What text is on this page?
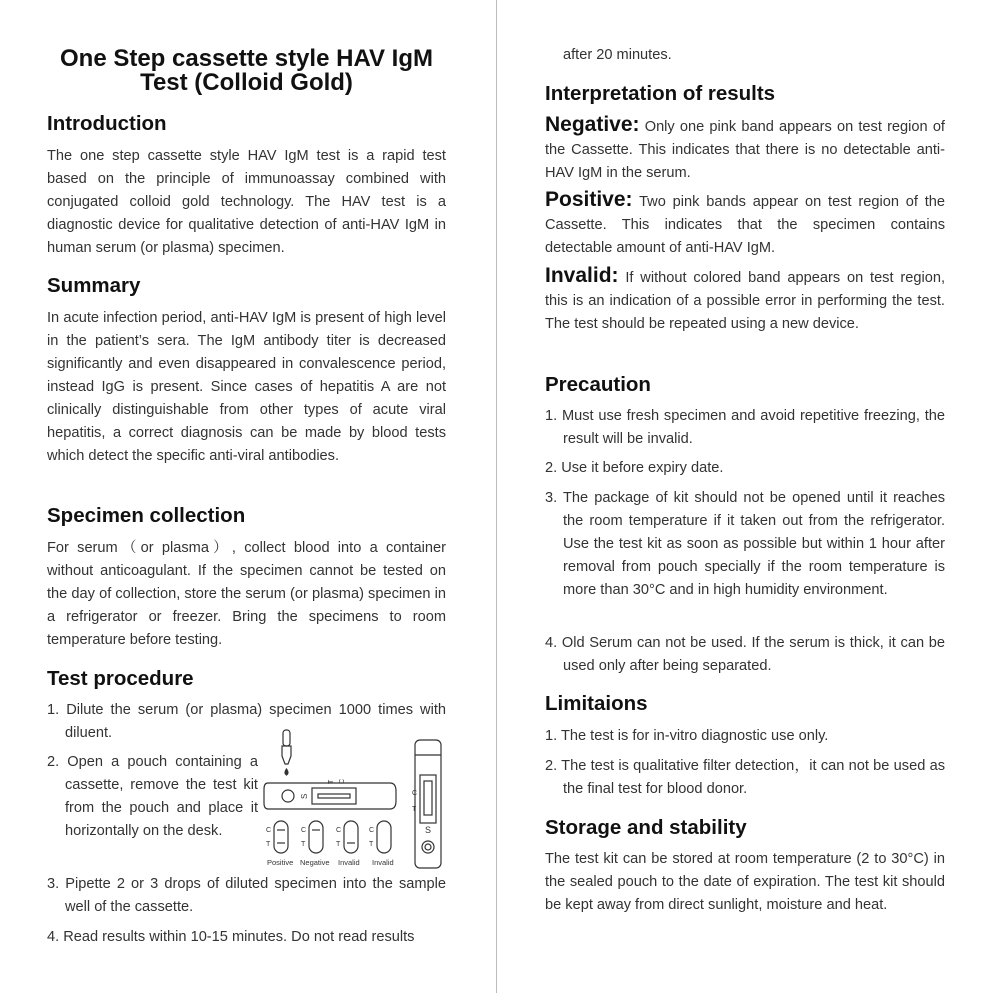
One Step cassette style HAV IgM
Test (Colloid Gold)
Introduction
The one step cassette style HAV IgM test is a rapid test based on the principle of immunoassay combined with conjugated colloid gold technology. The HAV test is a diagnostic device for qualitative detection of anti-HAV IgM in human serum (or plasma) specimen.
Summary
In acute infection period, anti-HAV IgM is present of high level in the patient’s sera. The IgM antibody titer is decreased significantly and even disappeared in convalescence period, instead IgG is present. Since cases of hepatitis A are not clinically distinguishable from other types of acute viral hepatitis, a correct diagnosis can be made by blood tests which detect the specific anti-viral antibodies.
Specimen collection
For serum（or plasma）, collect blood into a container without anticoagulant. If the specimen cannot be tested on the day of collection, store the serum (or plasma) specimen in a refrigerator or freezer. Bring the specimens to room temperature before testing.
Test procedure
1. Dilute the serum (or plasma) specimen 1000 times with diluent.
2. Open a pouch containing a cassette, remove the test kit from the pouch and place it horizontally on the desk.
3. Pipette 2 or 3 drops of diluted specimen into the sample well of the cassette.
4. Read results within 10-15 minutes. Do not read results
S
T C
C
T
S
C
T
C
T
C
T
C
T
Positive Negative Invalid Invalid
after 20 minutes.
Interpretation of results
Negative: Only one pink band appears on test region of the Cassette. This indicates that there is no detectable anti-HAV IgM in the serum.
Positive: Two pink bands appear on test region of the Cassette. This indicates that the specimen contains detectable amount of anti-HAV IgM.
Invalid: If without colored band appears on test region, this is an indication of a possible error in performing the test. The test should be repeated using a new device.
Precaution
1. Must use fresh specimen and avoid repetitive freezing, the result will be invalid.
2. Use it before expiry date.
3. The package of kit should not be opened until it reaches the room temperature if it taken out from the refrigerator. Use the test kit as soon as possible but within 1 hour after removal from pouch specially if the room temperature is more than 30°C and in high humidity environment.
4. Old Serum can not be used. If the serum is thick, it can be used only after being separated.
Limitaions
1. The test is for in-vitro diagnostic use only.
2. The test is qualitative filter detection，it can not be used as the final test for blood donor.
Storage and stability
The test kit can be stored at room temperature (2 to 30°C) in the sealed pouch to the date of expiration. The test kit should be kept away from direct sunlight, moisture and heat.
